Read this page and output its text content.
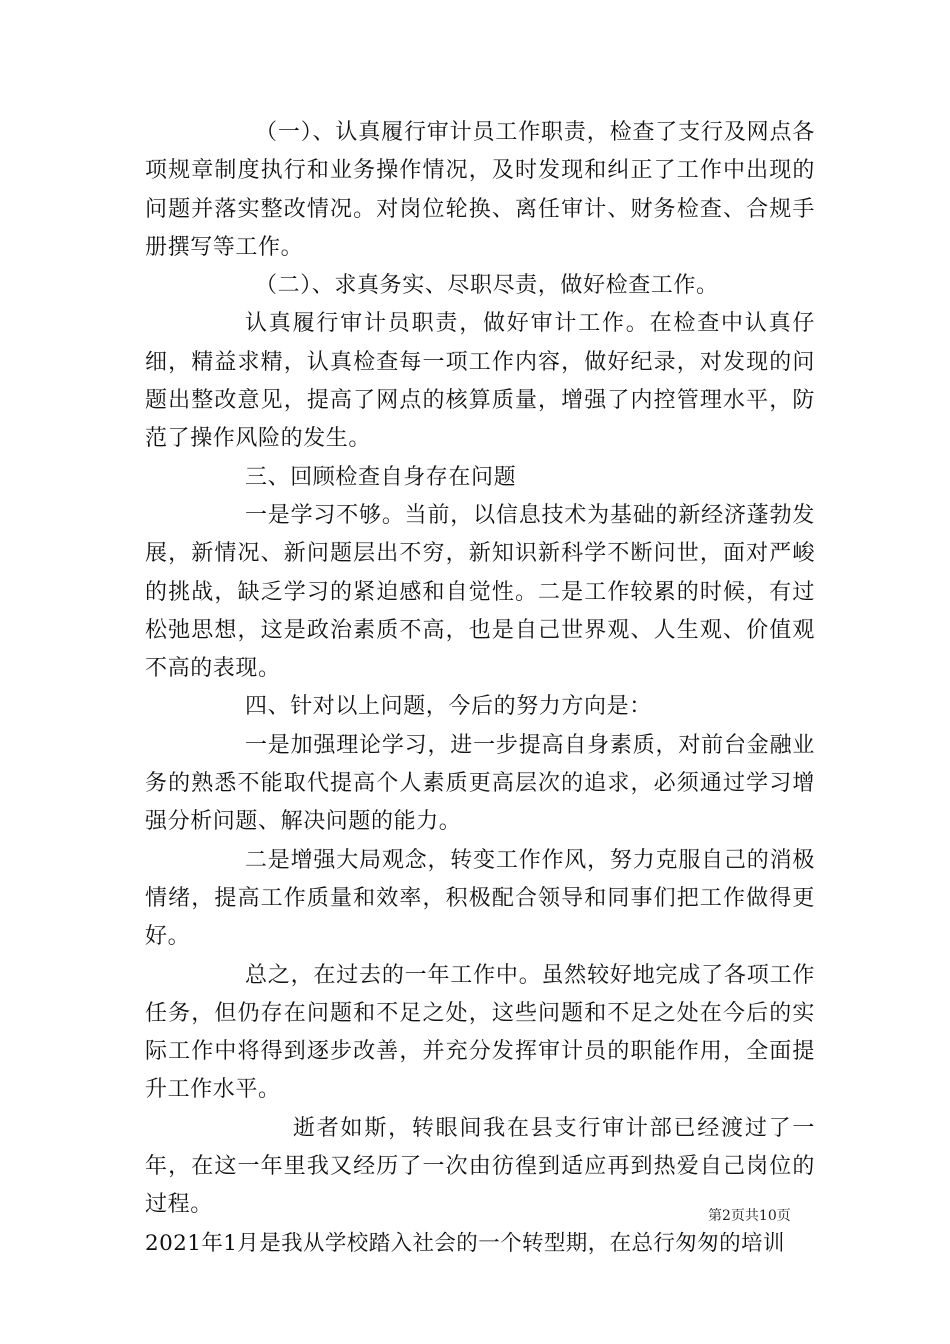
（一）、认真履行审计员工作职责，检查了支行及网点各项规章制度执行和业务操作情况，及时发现和纠正了工作中出现的问题并落实整改情况。对岗位轮换、离任审计、财务检查、合规手册撰写等工作。

（二）、求真务实、尽职尽责，做好检查工作。

认真履行审计员职责，做好审计工作。在检查中认真仔细，精益求精，认真检查每一项工作内容，做好纪录，对发现的问题出整改意见，提高了网点的核算质量，增强了内控管理水平，防范了操作风险的发生。

三、回顾检查自身存在问题

一是学习不够。当前，以信息技术为基础的新经济蓬勃发展，新情况、新问题层出不穷，新知识新科学不断问世，面对严峻的挑战，缺乏学习的紧迫感和自觉性。二是工作较累的时候，有过松弛思想，这是政治素质不高，也是自己世界观、人生观、价值观不高的表现。

四、针对以上问题，今后的努力方向是：

一是加强理论学习，进一步提高自身素质，对前台金融业务的熟悉不能取代提高个人素质更高层次的追求，必须通过学习增强分析问题、解决问题的能力。

二是增强大局观念，转变工作作风，努力克服自己的消极情绪，提高工作质量和效率，积极配合领导和同事们把工作做得更好。

总之，在过去的一年工作中。虽然较好地完成了各项工作任务，但仍存在问题和不足之处，这些问题和不足之处在今后的实际工作中将得到逐步改善，并充分发挥审计员的职能作用，全面提升工作水平。

逝者如斯，转眼间我在县支行审计部已经渡过了一年，在这一年里我又经历了一次由彷徨到适应再到热爱自己岗位的过程。

2021年1月是我从学校踏入社会的一个转型期，在总行匆匆的培训

第2页共10页
